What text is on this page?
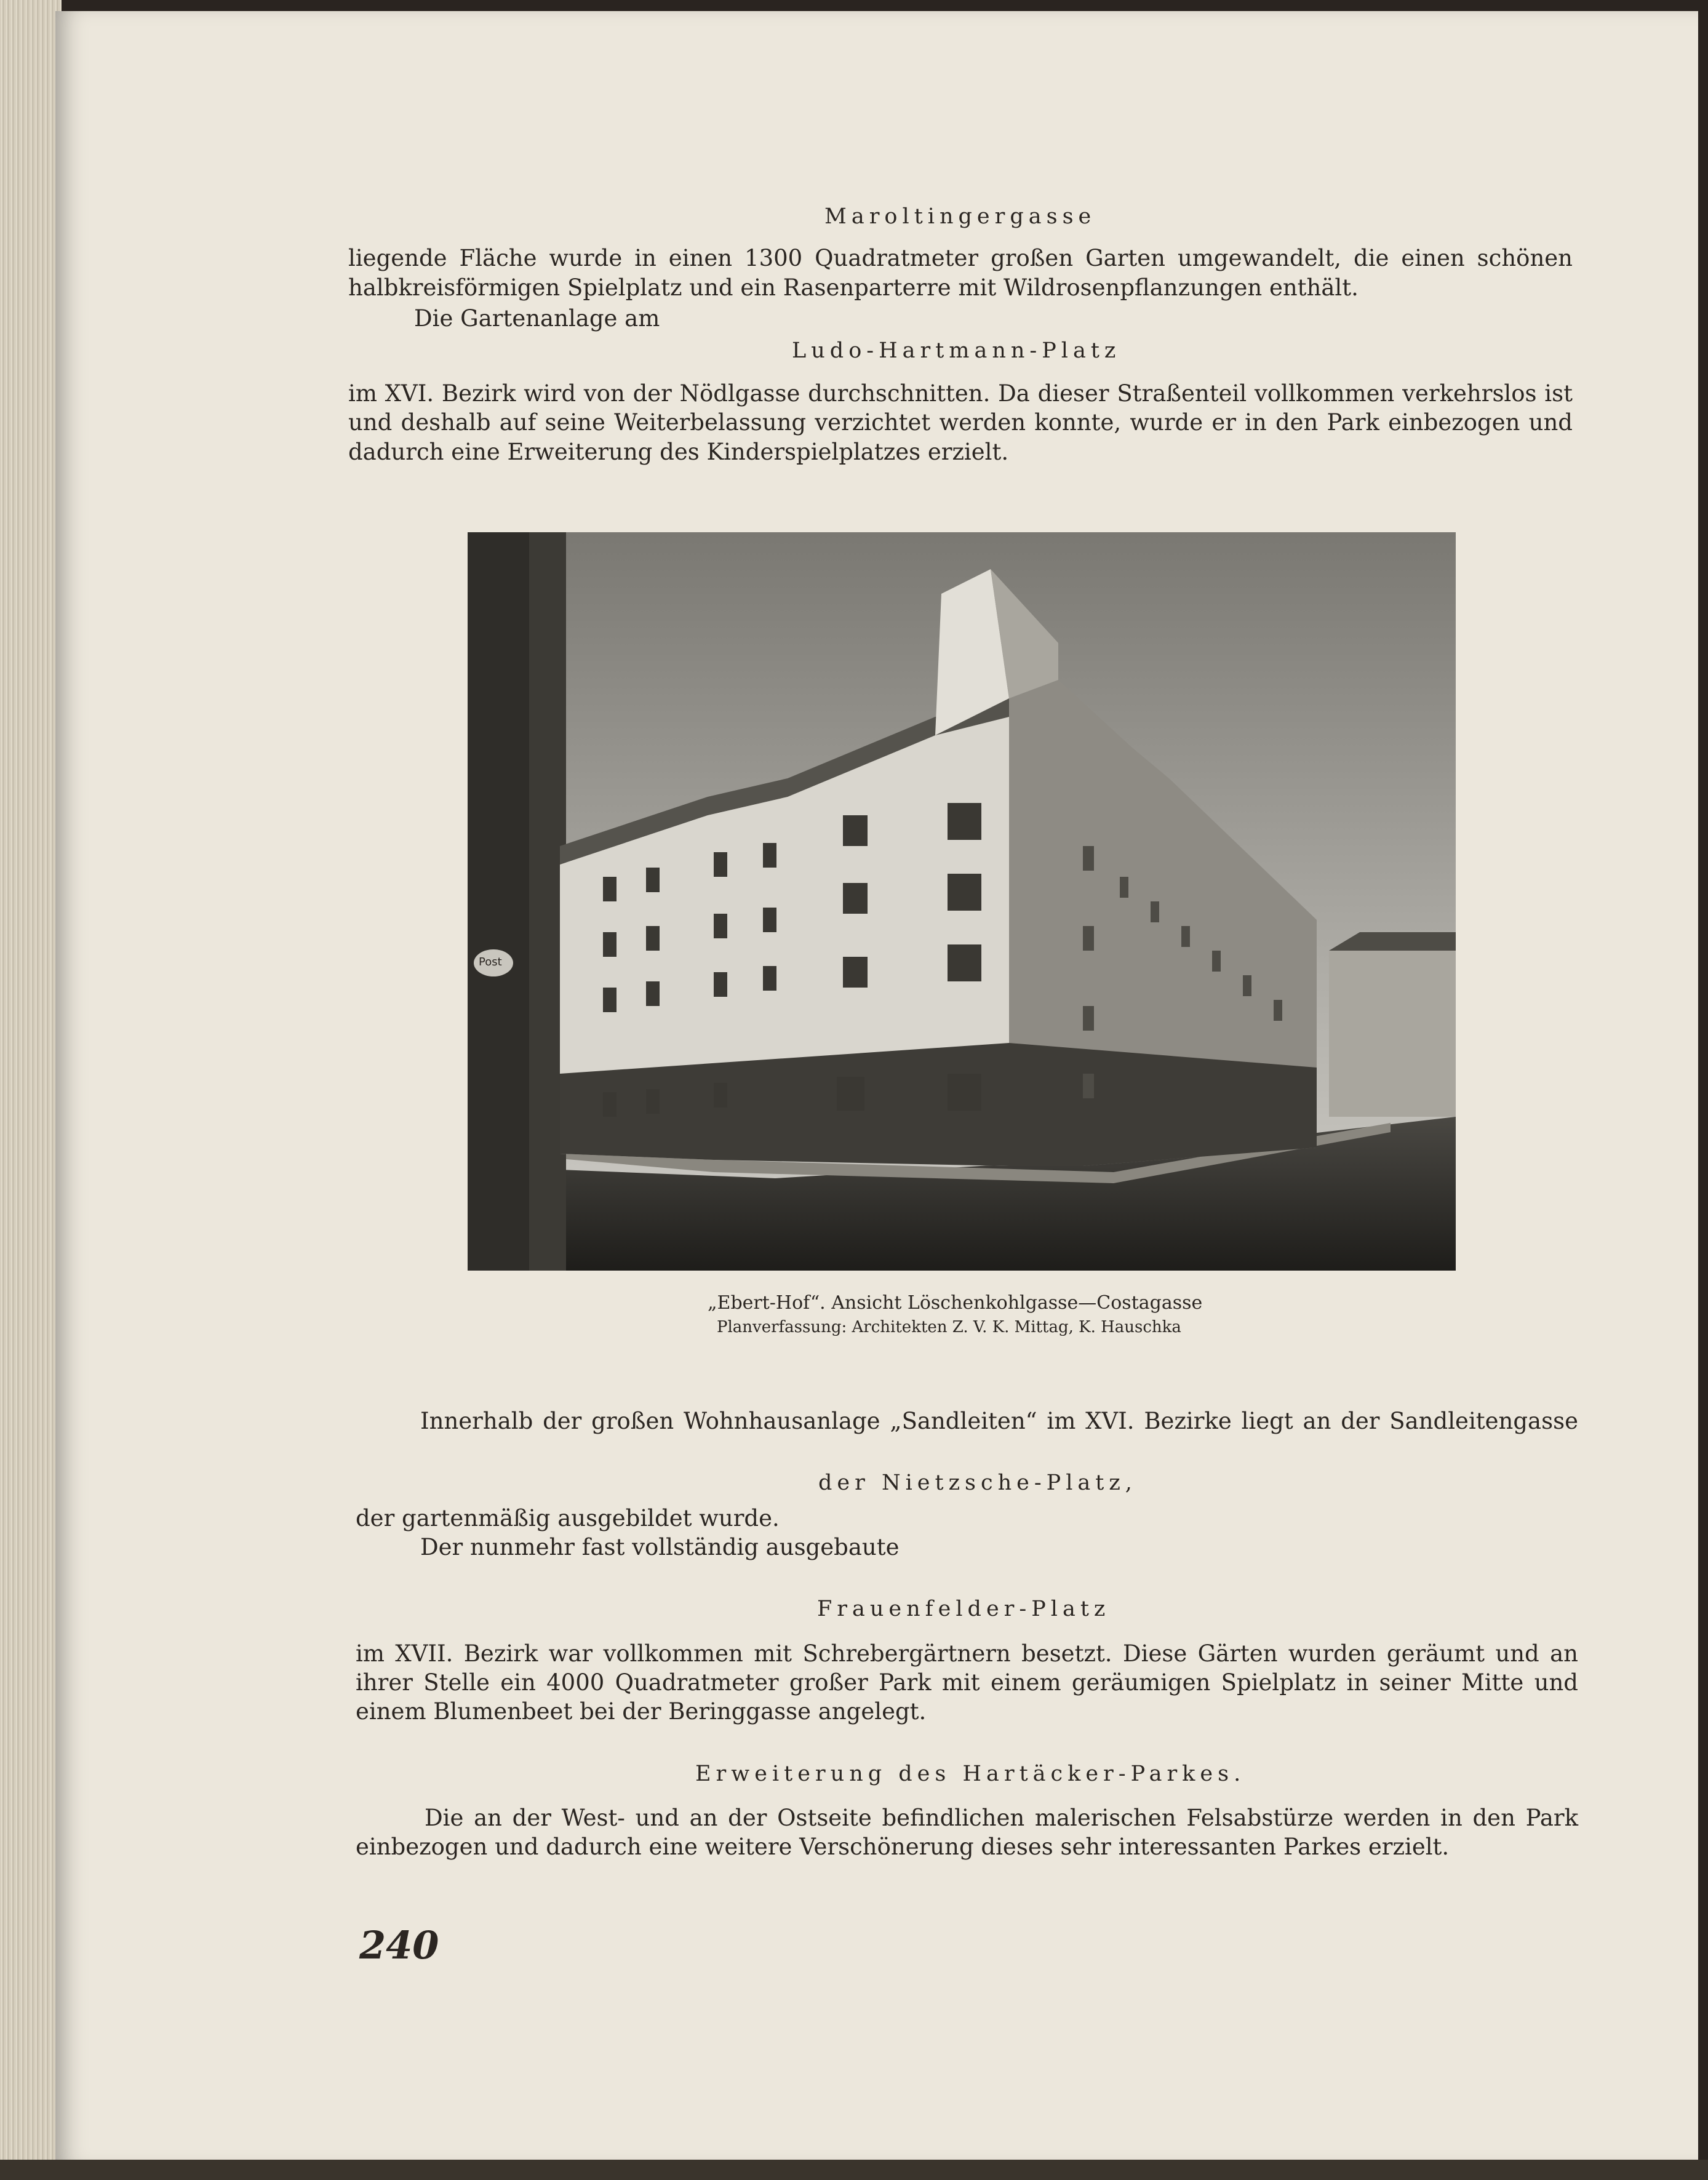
Maroltingergasse
liegende Fläche wurde in einen 1300 Quadratmeter großen Garten umgewandelt, die einen schönen
halbkreisförmigen Spielplatz und ein Rasenparterre mit Wildrosenpflanzungen enthält.
Die Gartenanlage am
Ludo-Hartmann-Platz
im XVI. Bezirk wird von der Nödlgasse durchschnitten. Da dieser Straßenteil vollkommen verkehrslos ist
und deshalb auf seine Weiterbelassung verzichtet werden konnte, wurde er in den Park einbezogen und
dadurch eine Erweiterung des Kinderspielplatzes erzielt.
Post
„Ebert-Hof“. Ansicht Löschenkohlgasse—Costagasse
Planverfassung: Architekten Z. V. K. Mittag, K. Hauschka
Innerhalb der großen Wohnhausanlage „Sandleiten“ im XVI. Bezirke liegt an der Sandleitengasse
der Nietzsche-Platz,
der gartenmäßig ausgebildet wurde.
Der nunmehr fast vollständig ausgebaute
Frauenfelder-Platz
im XVII. Bezirk war vollkommen mit Schrebergärtnern besetzt. Diese Gärten wurden geräumt und an
ihrer Stelle ein 4000 Quadratmeter großer Park mit einem geräumigen Spielplatz in seiner Mitte und
einem Blumenbeet bei der Beringgasse angelegt.
Erweiterung des Hartäcker-Parkes.
Die an der West- und an der Ostseite befindlichen malerischen Felsabstürze werden in den Park
einbezogen und dadurch eine weitere Verschönerung dieses sehr interessanten Parkes erzielt.
240
